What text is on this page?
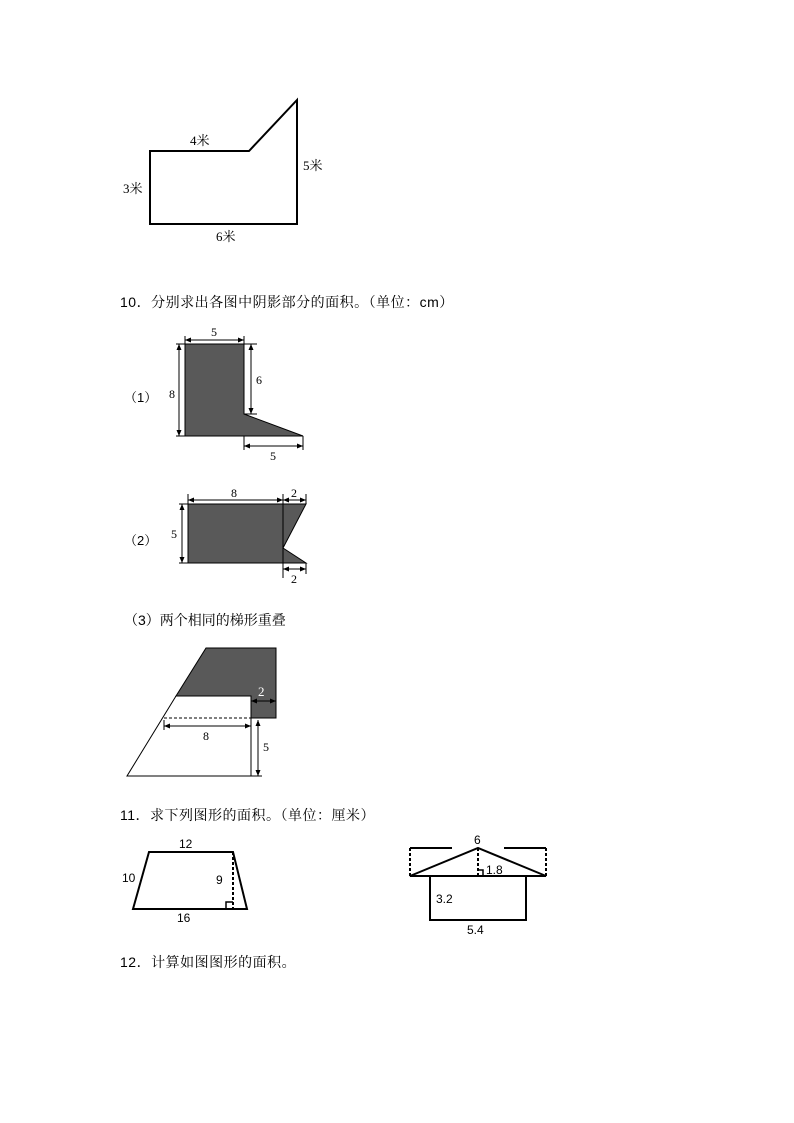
4米
3米
5米
6米
10．分别求出各图中阴影部分的面积。（单位：cm）
（1）
5
8
6
5
（2）
8	2
5
2
（3）两个相同的梯形重叠
8
2
5
11．求下列图形的面积。（单位：厘米）
12
10	9
16
6
1.8
3.2
5.4
12．计算如图图形的面积。
